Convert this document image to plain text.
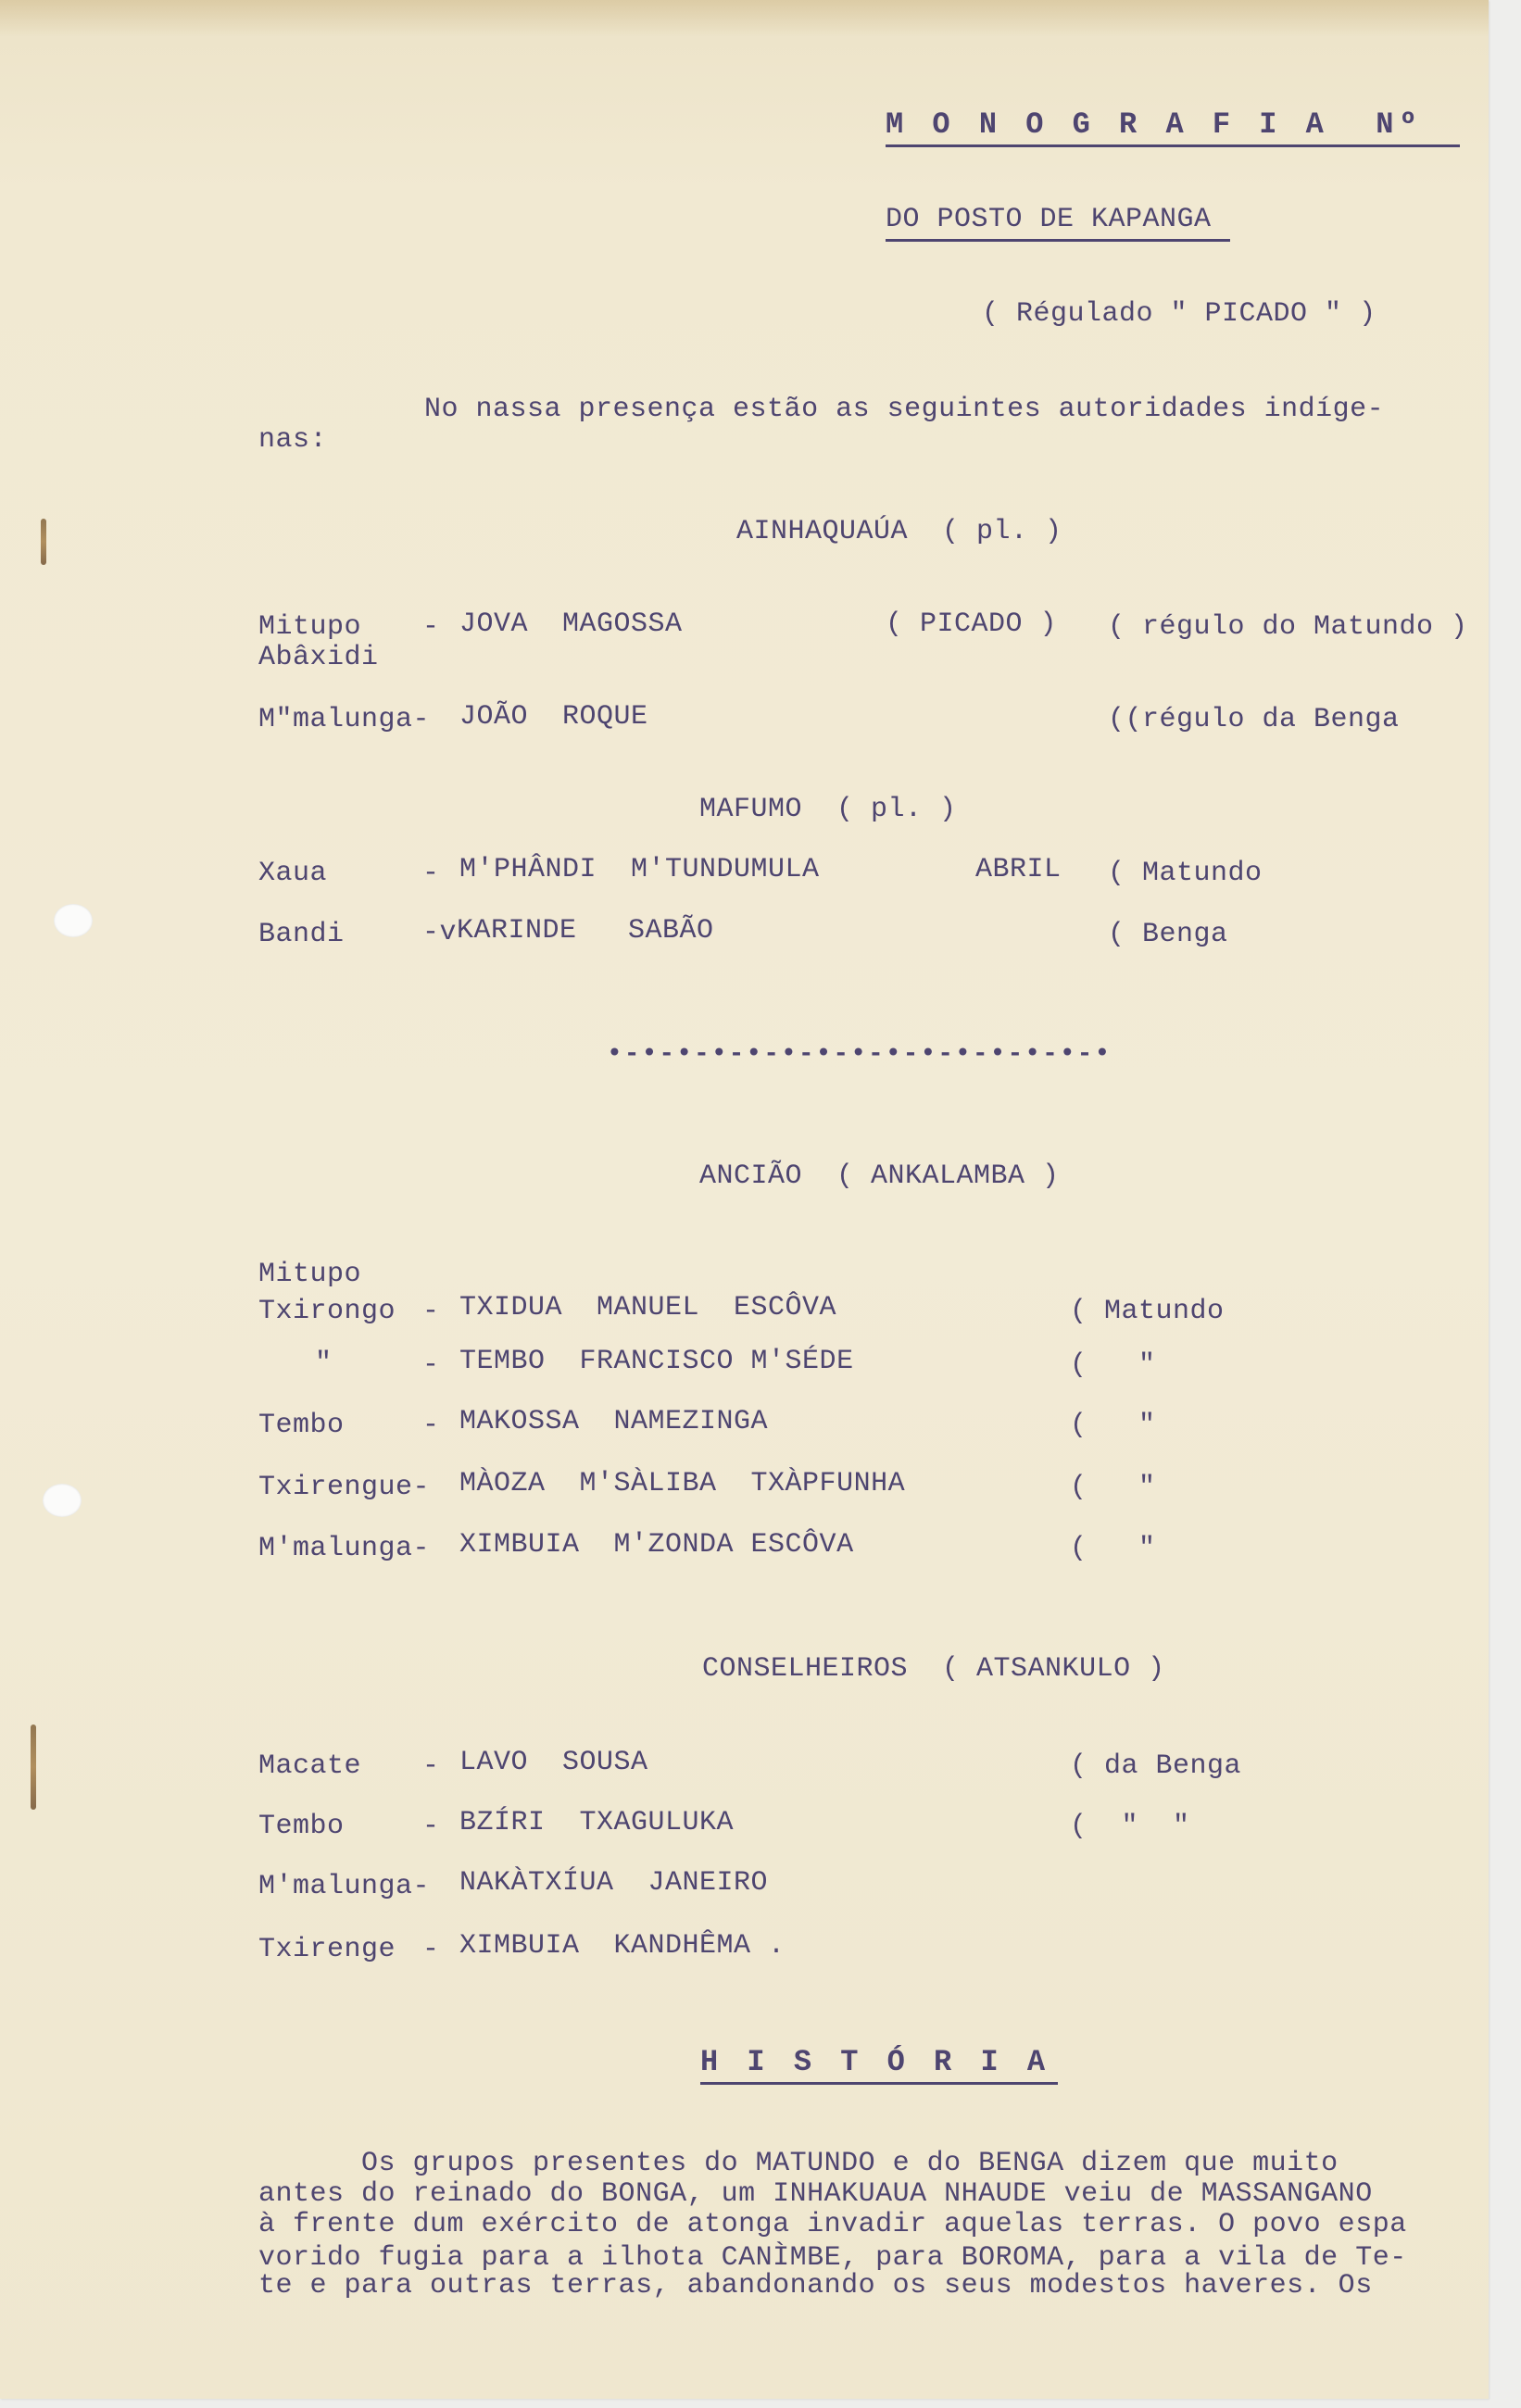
M O N O G R A F I A  Nº
DO POSTO DE KAPANGA
( Régulado " PICADO " )
No nassa presença estão as seguintes autoridades indíge-
nas:
AINHAQUAÚA  ( pl. )
Mitupo
Abâxidi
- JOVA  MAGOSSA	( PICADO ) ( régulo do Matundo )
M"malunga- JOÃO  ROQUE	((régulo da Benga
MAFUMO  ( pl. )
Xaua	- M'PHÂNDI  M'TUNDUMULA	ABRIL ( Matundo
Bandi	-v KARINDE   SABÃO	( Benga
•-•-•-•-•-•-•-•-•-•-•-•-•-•-•
ANCIÃO  ( ANKALAMBA )
Mitupo
Txirongo - TXIDUA  MANUEL  ESCÔVA	( Matundo
"	- TEMBO  FRANCISCO M'SÉDE	(   "
Tembo	- MAKOSSA  NAMEZINGA	(   "
Txirengue- MÀOZA  M'SÀLIBA  TXÀPFUNHA	(   "
M'malunga- XIMBUIA  M'ZONDA ESCÔVA	(   "
CONSELHEIROS  ( ATSANKULO )
Macate - LAVO  SOUSA	( da Benga
Tembo	- BZÍRI  TXAGULUKA	(  "  "
M'malunga- NAKÀTXÍUA  JANEIRO
Txirenge - XIMBUIA  KANDHÊMA .
H I S T Ó R I A
Os grupos presentes do MATUNDO e do BENGA dizem que muito
antes do reinado do BONGA, um INHAKUAUA NHAUDE veiu de MASSANGANO
à frente dum exército de atonga invadir aquelas terras. O povo espa
vorido fugia para a ilhota CANÌMBE, para BOROMA, para a vila de Te-
te e para outras terras, abandonando os seus modestos haveres. Os
